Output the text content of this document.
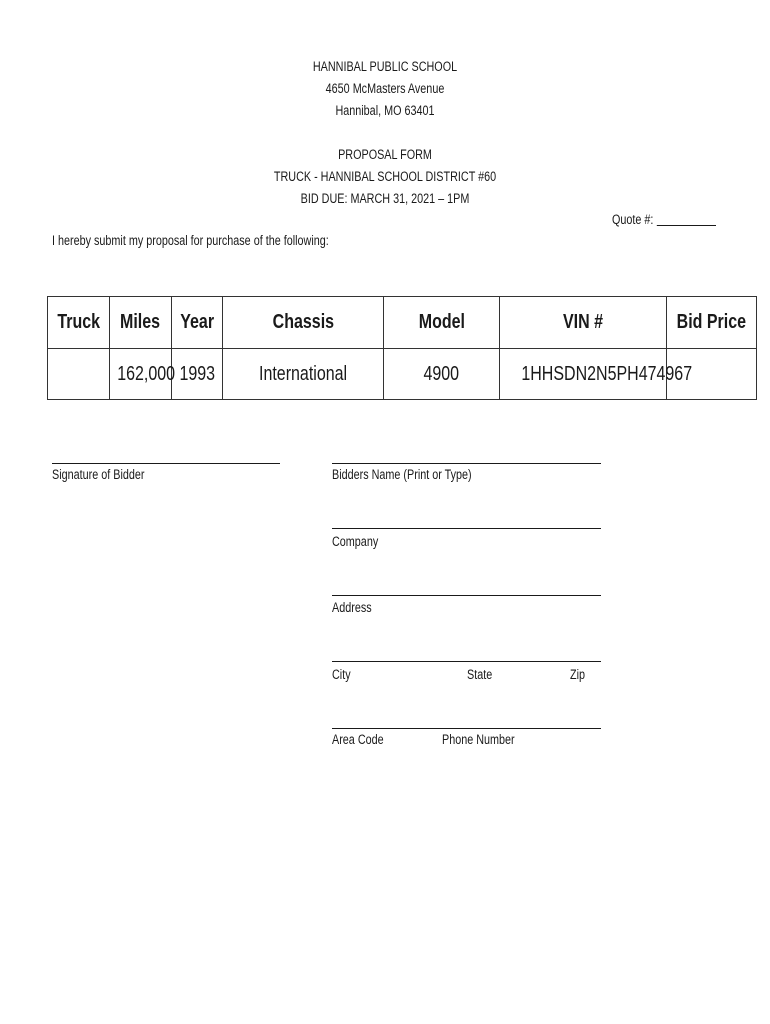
HANNIBAL PUBLIC SCHOOL
4650 McMasters Avenue
Hannibal, MO 63401
PROPOSAL FORM
TRUCK - HANNIBAL SCHOOL DISTRICT #60
BID DUE: MARCH 31, 2021 – 1PM
Quote #:
I hereby submit my proposal for purchase of the following:
Truck	Miles	Year	Chassis	Model	VIN #	Bid Price
	162,000	1993	International	4900	1HHSDN2N5PH474967	
Signature of Bidder	Bidders Name (Print or Type)
Company
Address
City	State	Zip
Area Code	Phone Number
